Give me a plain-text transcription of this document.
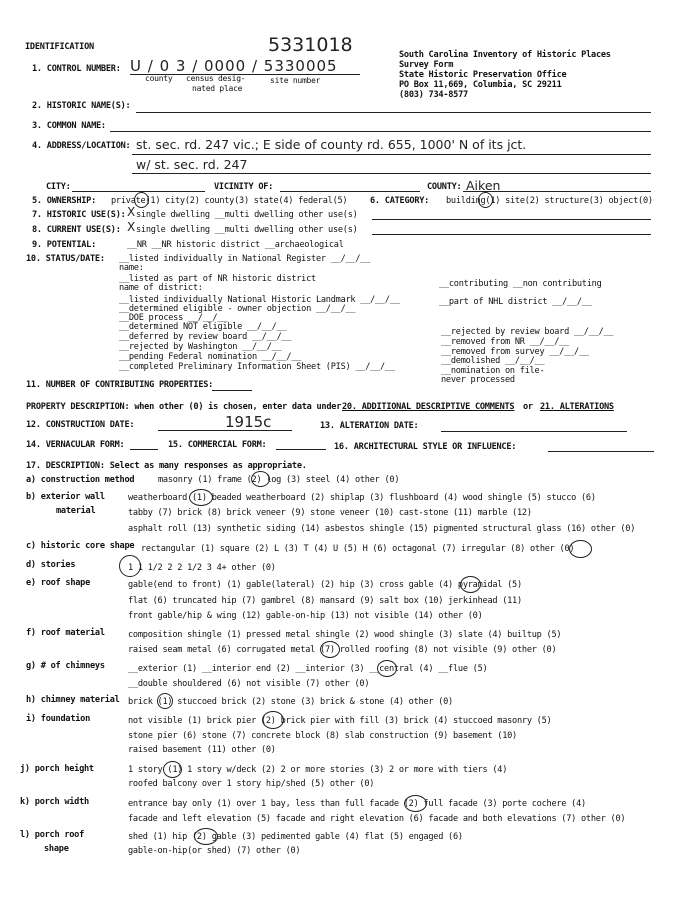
5331018
IDENTIFICATION
South Carolina Inventory of Historic Places
Survey Form
State Historic Preservation Office
PO Box 11,669, Columbia, SC 29211
(803) 734-8577
1. CONTROL NUMBER: U / 0 3 / 0000 / 5330005
county census desig-
nated place
site number
2. HISTORIC NAME(S):
3. COMMON NAME:
4. ADDRESS/LOCATION: st. sec. rd. 247 vic.; E side of county rd. 655, 1000' N of its jct.
w/ st. sec. rd. 247
CITY:	VICINITY OF:	COUNTY: Aiken
5. OWNERSHIP: private(1) city(2) county(3) state(4) federal(5)	6. CATEGORY: building(1) site(2) structure(3) object(0)
7. HISTORIC USE(S): X single dwelling __multi dwelling other use(s)
8. CURRENT USE(S): X single dwelling __multi dwelling other use(s)
9. POTENTIAL:	__NR __NR historic district __archaeological
10. STATUS/DATE: __listed individually in National Register __/__/__
name:
__listed as part of NR historic district
name of district:
__listed individually National Historic Landmark __/__/__
__determined eligible - owner objection __/__/__
__DOE process __/__/__
__determined NOT eligible __/__/__
__deferred by review board __/__/__
__rejected by Washington __/__/__
__pending Federal nomination __/__/__
__completed Preliminary Information Sheet (PIS) __/__/__
__contributing __non contributing
__part of NHL district __/__/__
__rejected by review board __/__/__
__removed from NR __/__/__
__removed from survey __/__/__
__demolished __/__/__
__nomination on file-
never processed
11. NUMBER OF CONTRIBUTING PROPERTIES:
PROPERTY DESCRIPTION: when other (0) is chosen, enter data under 20. ADDITIONAL DESCRIPTIVE COMMENTS or 21. ALTERATIONS
12. CONSTRUCTION DATE:	1915c	13. ALTERATION DATE:
14. VERNACULAR FORM:	15. COMMERCIAL FORM:	16. ARCHITECTURAL STYLE OR INFLUENCE:
17. DESCRIPTION: Select as many responses as appropriate.
a) construction method	masonry (1) frame (2) log (3) steel (4) other (0)
b) exterior wall
material
weatherboard (1) beaded weatherboard (2) shiplap (3) flushboard (4) wood shingle (5) stucco (6)
tabby (7) brick (8) brick veneer (9) stone veneer (10) cast-stone (11) marble (12)
asphalt roll (13) synthetic siding (14) asbestos shingle (15) pigmented structural glass (16) other (0)
c) historic core shape rectangular (1) square (2) L (3) T (4) U (5) H (6) octagonal (7) irregular (8) other (0)
d) stories	1 1 1/2 2 2 1/2 3 4+ other (0)
e) roof shape	gable(end to front) (1) gable(lateral) (2) hip (3) cross gable (4) pyramidal (5)
flat (6) truncated hip (7) gambrel (8) mansard (9) salt box (10) jerkinhead (11)
front gable/hip & wing (12) gable-on-hip (13) not visible (14) other (0)
f) roof material	composition shingle (1) pressed metal shingle (2) wood shingle (3) slate (4) builtup (5)
raised seam metal (6) corrugated metal (7) rolled roofing (8) not visible (9) other (0)
g) # of chimneys	__exterior (1) __interior end (2) __interior (3) __central (4) __flue (5)
__double shouldered (6) not visible (7) other (0)
h) chimney material brick (1) stuccoed brick (2) stone (3) brick & stone (4) other (0)
i) foundation	not visible (1) brick pier (2) brick pier with fill (3) brick (4) stuccoed masonry (5)
stone pier (6) stone (7) concrete block (8) slab construction (9) basement (10)
raised basement (11) other (0)
j) porch height	1 story (1) 1 story w/deck (2) 2 or more stories (3) 2 or more with tiers (4)
roofed balcony over 1 story hip/shed (5) other (0)
k) porch width	entrance bay only (1) over 1 bay, less than full facade (2) full facade (3) porte cochere (4)
facade and left elevation (5) facade and right elevation (6) facade and both elevations (7) other (0)
l) porch roof
shape
shed (1) hip (2) gable (3) pedimented gable (4) flat (5) engaged (6)
gable-on-hip(or shed) (7) other (0)
